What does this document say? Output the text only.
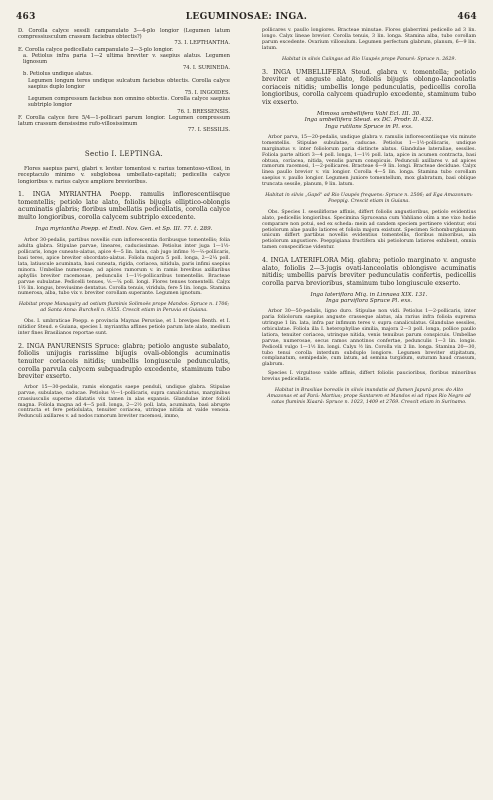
463	LEGUMINOSAE: INGA.	464
D. Corolla calyce sessili campanulato 3—4-plo longior (Legumen latum compressiusculum crassum faciebus obtectis?)
73. I. LEPTHANTHA.
E. Corolla calyce pedicellato campanulato 2—3-plo longior.
a. Petiolus infra paria 1—2 ultima breviter v. saepius alatus. Legumen lignosum
74. I. SURINEDA.
b. Petiolus undique alatus.
Legumen longum teres undique sulcatum faciebus obtectis. Corolla calyce saepius duplo longior
75. I. INGOIDES.
Legumen compressum faciebus non omnino obtectis. Corolla calyce saepius subtriplo longior
76. I. BRESSENSIS.
F. Corolla calyce fere 5/4—1-pollicari parum longior. Legumen compressum latum crassum densissime rufo-villosissimum
77. I. SESSILIS.
Sectio I. LEPTINGA.
Flores saepius parvi, glabri v. leviter tomentosi v. rarius tomentoso-villosi, in receptaculo minimo v. subglobosa umbellato-capitati; pedicellis calyce longioribus v. rarius calyce ampliore brevioribus.
1. INGA MYRIANTHA Poepp. ramulis inflorescentiisque tomentellis; petiolo late alato, foliolis bijugis elliptico-oblongis acuminatis glabris; floribus umbellatis pedicellatis, corolla calyce multo longioribus, corolla calycem subtriplo excedente.
Inga myriantha Poepp. et Endl. Nov. Gen. et Sp. III. 77. t. 289.
Arbor 30-pedalis, partibus novellis cum inflorescentia floribusque tomentellis; folia adulta glabra. Stipulae parvae, lineares, caducissimae. Petiolus inter juga 1—1½-pollicaris, longe cuneato-alatus, apice 4—5 lin. latus, cab jugo infimo ½—⅔-pollicaris, basi teres, apice breviter obcordato-alatus. Foliola majora 5 poll. longa, 2—2¼ poll. lata, latiuscule acuminata, basi cuneata, rigida, coriacea, nitidula, paris infimi saepius minora. Umbellae numerosae, ad apices ramorum v. in ramis brevibus axillaribus aphyllis breviter racemosae, pedunculis 1—1½-pollicaribus tomentellis. Bracteae parvae subulatae. Pedicelli tenues, ⅙—¼ poll. longi. Flores tenues tomentelli. Calyx 1½ lin. longus, breviusime dentatus. Corolla tenuis, viridula, fere 5 lin. longa. Stamina numerosa, alba, tubo vix v. breviter corollam superante. Legumen ignotum.
Habitat prope Manaquiry ad ostium fluminis Solimoës prope Mandos: Spruce n. 1706; ad Santa Anna: Burchell n. 9355. Crescit etiam in Peruvia et Guiana.
Obs. I. umbraticae Poepp. e provincia Maynas Peruviae, et I. brevipes Benth. et I. nitidior Steud. e Guiana, species I. myriantha affines petiolo parum late alato, medium inter fines Brasilianos reportae sunt.
2. INGA PANURENSIS Spruce: glabra; petiolo anguste subalato, foliolis unijugis rarissime bijugis ovali-oblongis acuminatis tenuiter coriaceis nitidis; umbellis longiuscule pedunculatis, corolla parvula calycem subquadruplo excedente, staminum tubo breviter exserto.
Arbor 15—30-pedalis, ramis elongatis saepe penduli, undique glabra. Stipulae parvae, subulatae, caducae. Petiolus ½—1-pollicaris, supra canaliculatus, marginibus crassiusculis superne dilatatis vix tamen in alas expansis. Glandulae inter folioli magna. Foliola magna ad 4—5 poll. longa, 2—2½ poll. lata, acuminata, basi abrupte contracta et fere petiolulata, tenuiter coriacea, utrinque nitida at valde venosa. Pedunculi axillares v. ad nodos ramorum breviter racemosi, immo,
pollicares v. paullo longiores. Bracteae minutae. Flores glaberrimi pedicello ad 3 lin. longo. Calyx lineae brevior. Corolla tenuis, 3 lin. longa. Stamina alba, tubo corollam parum excedente. Ovarium villosulum. Legumen perfectum glabrum, planum, 6—9 lin. latum.
Habitat in silvis Caiingas ad Rio Uaupés prope Panuré: Spruce n. 2629.
3. INGA UMBELLIFERA Steud. glabra v. tomentella; petiolo breviter et anguste alato, foliolis bijugis oblongo-lanceolatis coriaceis nitidis; umbellis longe pedunculatis, pedicellis corolla longioribus, corolla calycem quadruplo excedente, staminum tubo vix exserto.
Mimosa umbellifera Vahl Ecl. III. 30.
Inga umbellifera Steud. ex DC. Prodr. II. 432.
Inga rutilans Spruce in Pl. exs.
Arbor parva, 15—20-pedalis, undique glabra v. ramulis inflorescentiisque vix minute tomentellis. Stipulae subulatae, caducae. Petiolus 1—1½-pollicaris, undique marginatus v. inter foliolorum paria distincte alatus. Glandulae lateraliae, sessiles. Foliola parte altiori 3—4 poll. longa, 1—1½ poll. lata, apice in acumen contracta, basi obtusa, coriacea, nitida, venulis parum conspicuis. Pedunculi axillares v. ad apices ramorum racemosi, 1—2-pollicares. Bracteae 6—9 lin. longi. Bracteae deciduae. Calyx linea paullo brevior v. vix longior. Corolla 4—5 lin. longa. Stamina tubo corollam saepius v. paullo longior. Legumen juniore tomentellum, mox glabratum, basi oblique truncata sessile, planum, 9 lin. latum.
Habitat in silvis „Gapó" ad Rio Uaupés frequens: Spruce n. 2506; ad Ega Amazonum: Poeppig. Crescit etiam in Guiana.
Obs. Species I. sessiliflorae affinis, differt foliolis angustioribus, petiolo evidentius alato, pedicellis longioribus. Specimina Spruceana cum Vahliano olim a me vixo hodie comparare non potui, sed ex scheda: mein ad candem speciem pertinere videntur, etsi petiolorum alae paullo latiores et foliola majora existunt. Specimen Schomburgkianum unicum differt partibus novellis evidentius tomentellis, floribus minoribus, ala petiolorum angustiore. Poeppigiana fructifera ubi petiolorum latiores exhibent, omnia tamen conspecificae videntur.
4. INGA LATERIFLORA Miq. glabra; petiolo marginato v. anguste alato, foliolis 2—3-jugis ovati-lanceolatis oblongisve acuminatis nitidis; umbellis parvis breviter pedunculatis confertis, pedicellis corolla parva brevioribus, staminum tubo longiuscule exserto.
Inga lateriflora Miq. in Linnaea XIX. 131.
Inga parviflora Spruce Pl. exs.
Arbor 30—50-pedalis, ligno duro. Stipulae non vidi. Petiolus 1—2-pollicaris, inter paria foliolorum saepius anguste crasseque alatus, ala rarius infra foliola suprema utrinque 1 lin. lata, infra par infimum teres v. supra canaliculatus. Glandulae sessiles, orbiculatae. Foliola illa I. heterophyllae similia, majora 2—3 poll. longa, pollice paullo latiora, tenuiter coriacea, utrinque nitida, venis tenuibus parum conspicuis. Umbellae parvae, numerosae, secus ramos annotinos confertae, pedunculis 1—3 lin. longis. Pedicelli vulgo 1—1½ lin. longi. Calyx ½ lin. Corolla vix 2 lin. longa. Stamina 20—30, tubo tenui corolla interdum subduplo longiore. Legumen breviter stipitatum, complanatum, semipedale, cum latum, ad semina turgidum, suturam haud crassum, glabrum.
Species I. virgultoso valde affinis, differt foliolis paucioribus, floribus minoribus brevius pedicellatis.
Habitat in Brasiliae borealis in silvis inundatis ad flumen Japurá prov. do Alto Amazonas et ad Pará: Martius; prope Santarem et Mandos ei ad ripas Rio Negro ad catas fluminis Xiaará: Spruce n. 1023, 1409 et 2769. Crescit etiam in Surinamo.
